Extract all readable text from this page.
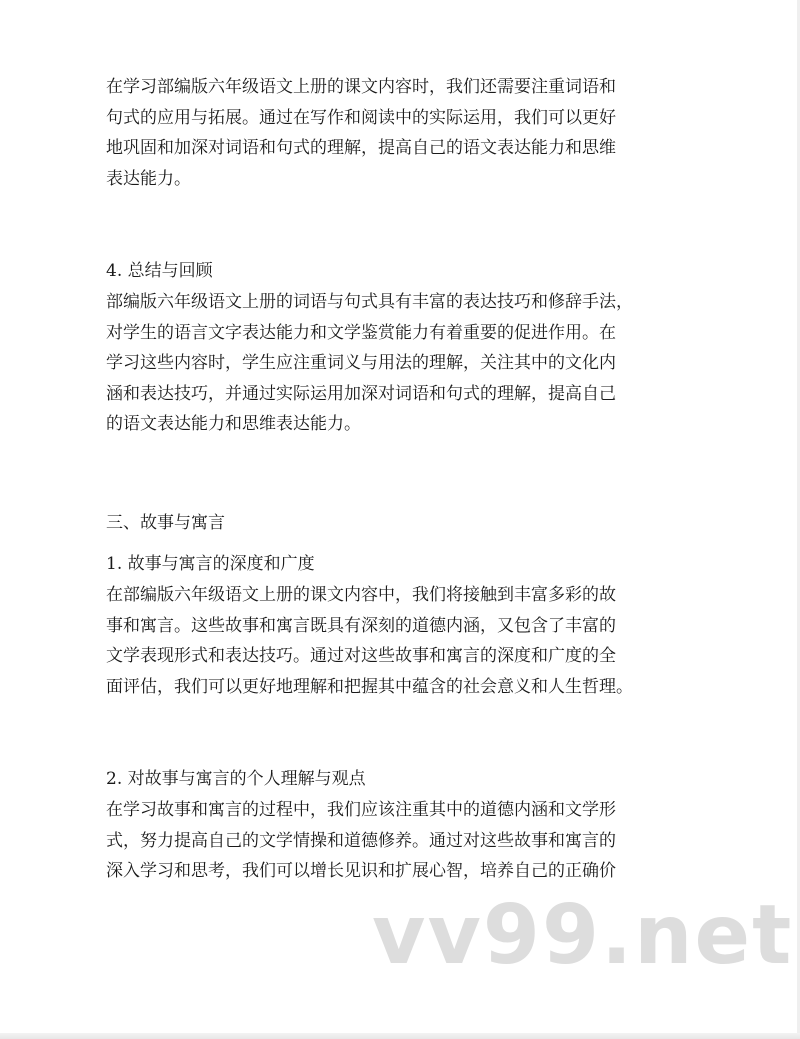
在学习部编版六年级语文上册的课文内容时，我们还需要注重词语和
句式的应用与拓展。通过在写作和阅读中的实际运用，我们可以更好
地巩固和加深对词语和句式的理解，提高自己的语文表达能力和思维
表达能力。
4. 总结与回顾
部编版六年级语文上册的词语与句式具有丰富的表达技巧和修辞手法，
对学生的语言文字表达能力和文学鉴赏能力有着重要的促进作用。在
学习这些内容时，学生应注重词义与用法的理解，关注其中的文化内
涵和表达技巧，并通过实际运用加深对词语和句式的理解，提高自己
的语文表达能力和思维表达能力。
三、故事与寓言
1. 故事与寓言的深度和广度
在部编版六年级语文上册的课文内容中，我们将接触到丰富多彩的故
事和寓言。这些故事和寓言既具有深刻的道德内涵，又包含了丰富的
文学表现形式和表达技巧。通过对这些故事和寓言的深度和广度的全
面评估，我们可以更好地理解和把握其中蕴含的社会意义和人生哲理。
2. 对故事与寓言的个人理解与观点
在学习故事和寓言的过程中，我们应该注重其中的道德内涵和文学形
式，努力提高自己的文学情操和道德修养。通过对这些故事和寓言的
深入学习和思考，我们可以增长见识和扩展心智，培养自己的正确价
vv99.net
